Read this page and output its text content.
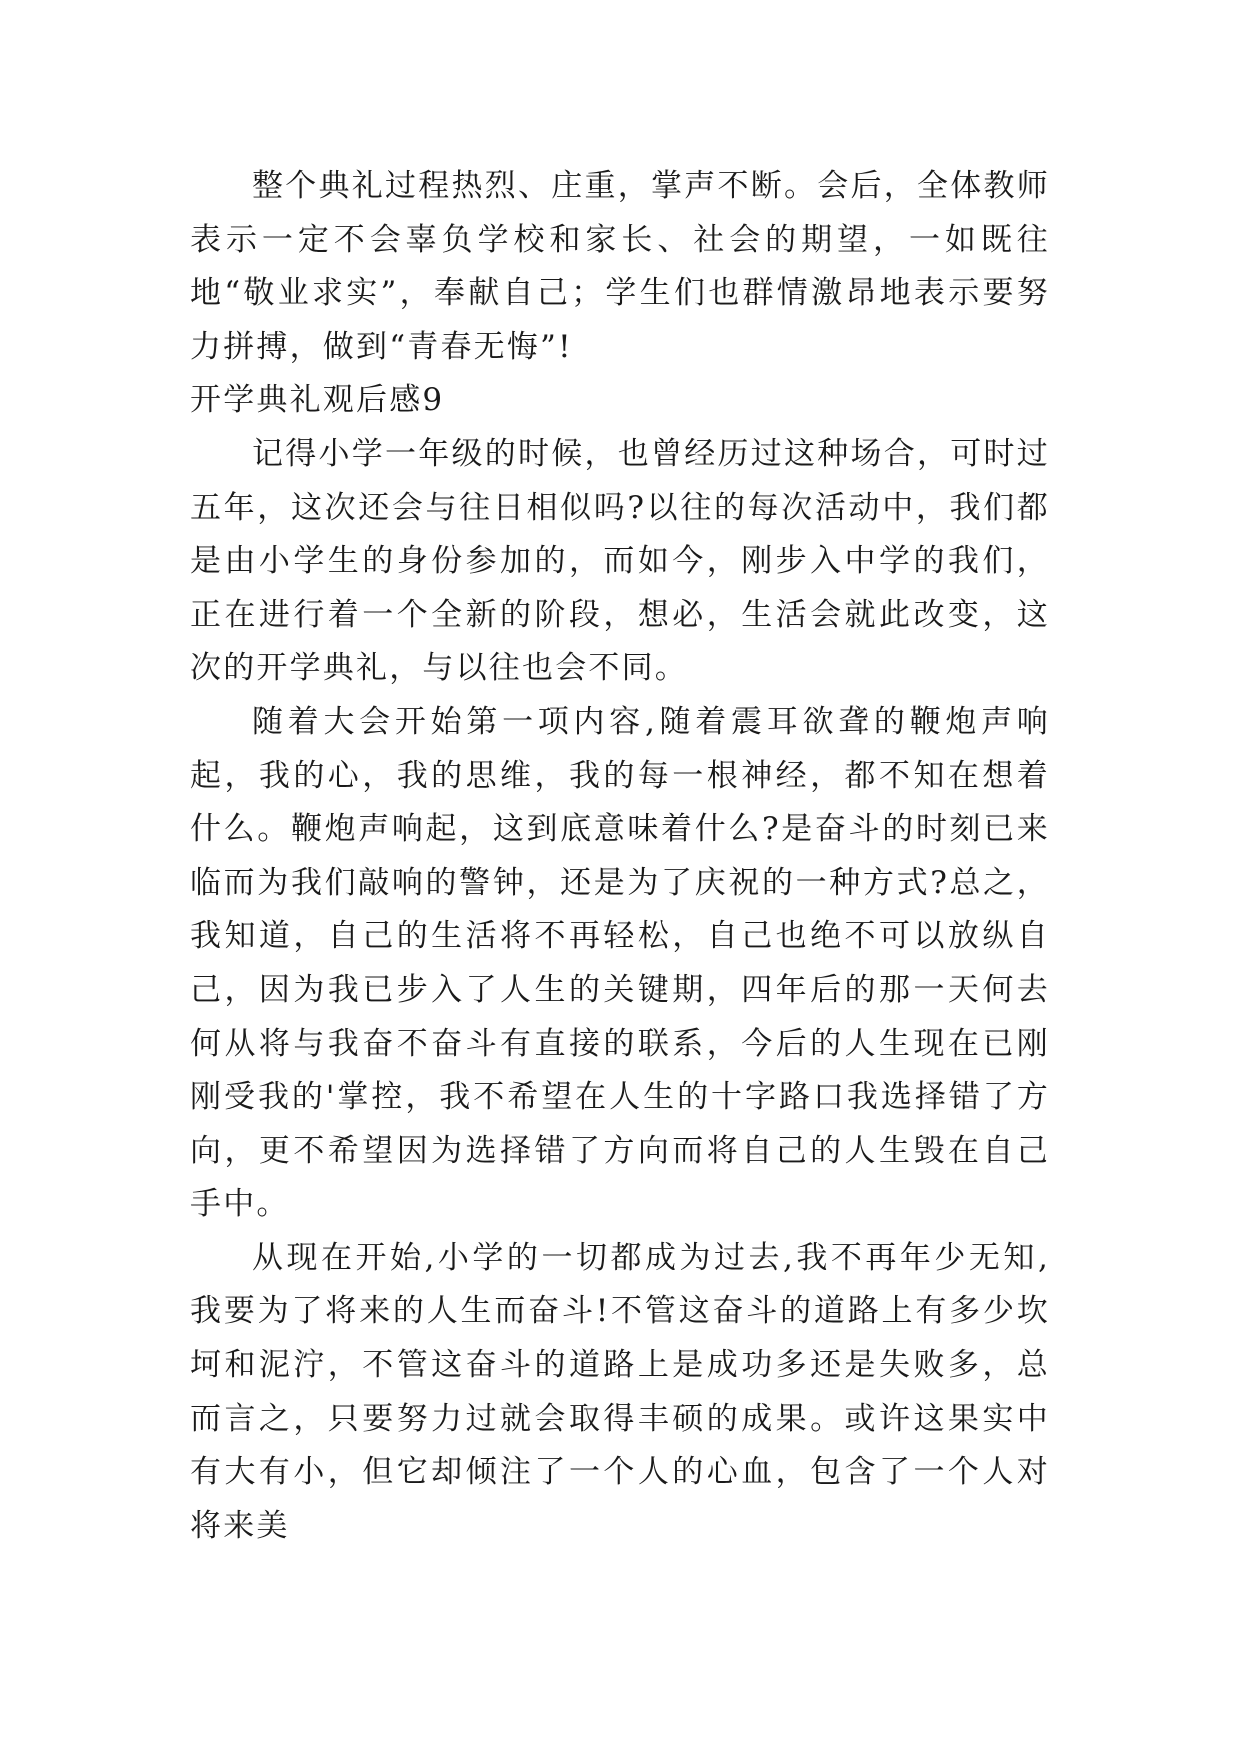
整个典礼过程热烈、庄重，掌声不断。会后，全体教师表示一定不会辜负学校和家长、社会的期望，一如既往地“敬业求实”，奉献自己；学生们也群情激昂地表示要努力拼搏，做到“青春无悔”!

开学典礼观后感9

记得小学一年级的时候，也曾经历过这种场合，可时过五年，这次还会与往日相似吗?以往的每次活动中，我们都是由小学生的身份参加的，而如今，刚步入中学的我们，正在进行着一个全新的阶段，想必，生活会就此改变，这次的开学典礼，与以往也会不同。

随着大会开始第一项内容,随着震耳欲聋的鞭炮声响起，我的心，我的思维，我的每一根神经，都不知在想着什么。鞭炮声响起，这到底意味着什么?是奋斗的时刻已来临而为我们敲响的警钟，还是为了庆祝的一种方式?总之，我知道，自己的生活将不再轻松，自己也绝不可以放纵自己，因为我已步入了人生的关键期，四年后的那一天何去何从将与我奋不奋斗有直接的联系，今后的人生现在已刚刚受我的'掌控，我不希望在人生的十字路口我选择错了方向，更不希望因为选择错了方向而将自己的人生毁在自己手中。

从现在开始,小学的一切都成为过去,我不再年少无知,我要为了将来的人生而奋斗!不管这奋斗的道路上有多少坎坷和泥泞，不管这奋斗的道路上是成功多还是失败多，总而言之，只要努力过就会取得丰硕的成果。或许这果实中有大有小，但它却倾注了一个人的心血，包含了一个人对将来美
